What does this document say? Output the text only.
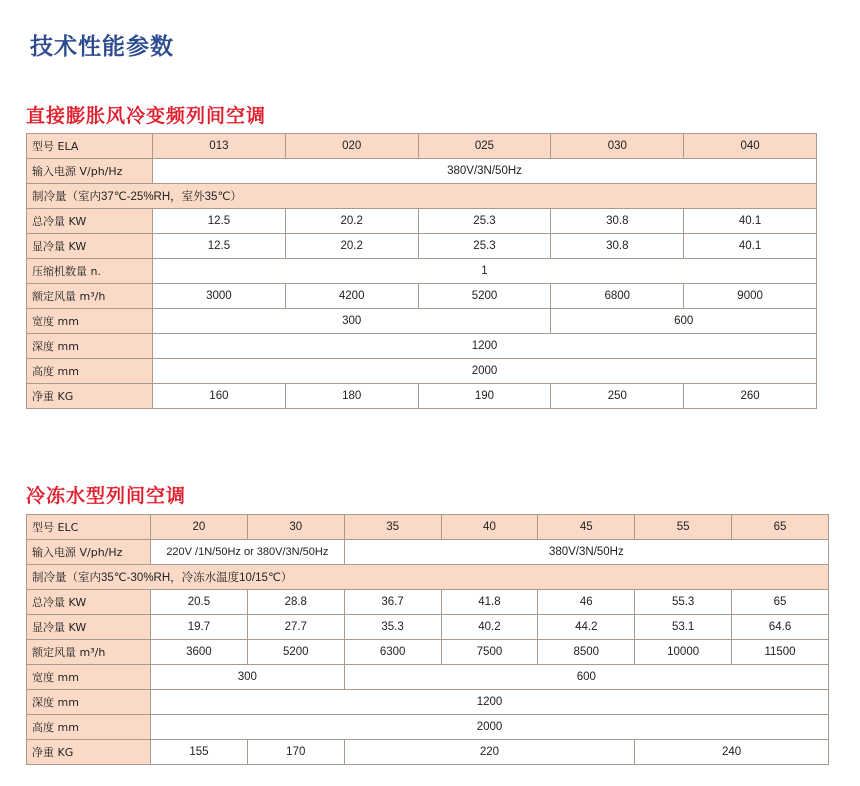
技术性能参数
直接膨胀风冷变频列间空调
型号 ELA	013	020	025	030	040
输入电源 V/ph/Hz	380V/3N/50Hz				
制冷量（室内37℃-25%RH，室外35℃）					
总冷量 KW	12.5	20.2	25.3	30.8	40.1
显冷量 KW	12.5	20.2	25.3	30.8	40.1
压缩机数量 n.	1				
额定风量 m³/h	3000	4200	5200	6800	9000
宽度 mm	300			600	
深度 mm	1200				
高度 mm	2000				
净重 KG	160	180	190	250	260
冷冻水型列间空调
型号 ELC	20	30	35	40	45	55	65
输入电源 V/ph/Hz	220V /1N/50Hz or 380V/3N/50Hz		380V/3N/50Hz				
制冷量（室内35℃-30%RH，冷冻水温度10/15℃）							
总冷量 KW	20.5	28.8	36.7	41.8	46	55.3	65
显冷量 KW	19.7	27.7	35.3	40.2	44.2	53.1	64.6
额定风量 m³/h	3600	5200	6300	7500	8500	10000	11500
宽度 mm	300		600				
深度 mm	1200						
高度 mm	2000						
净重 KG	155	170	220			240	
